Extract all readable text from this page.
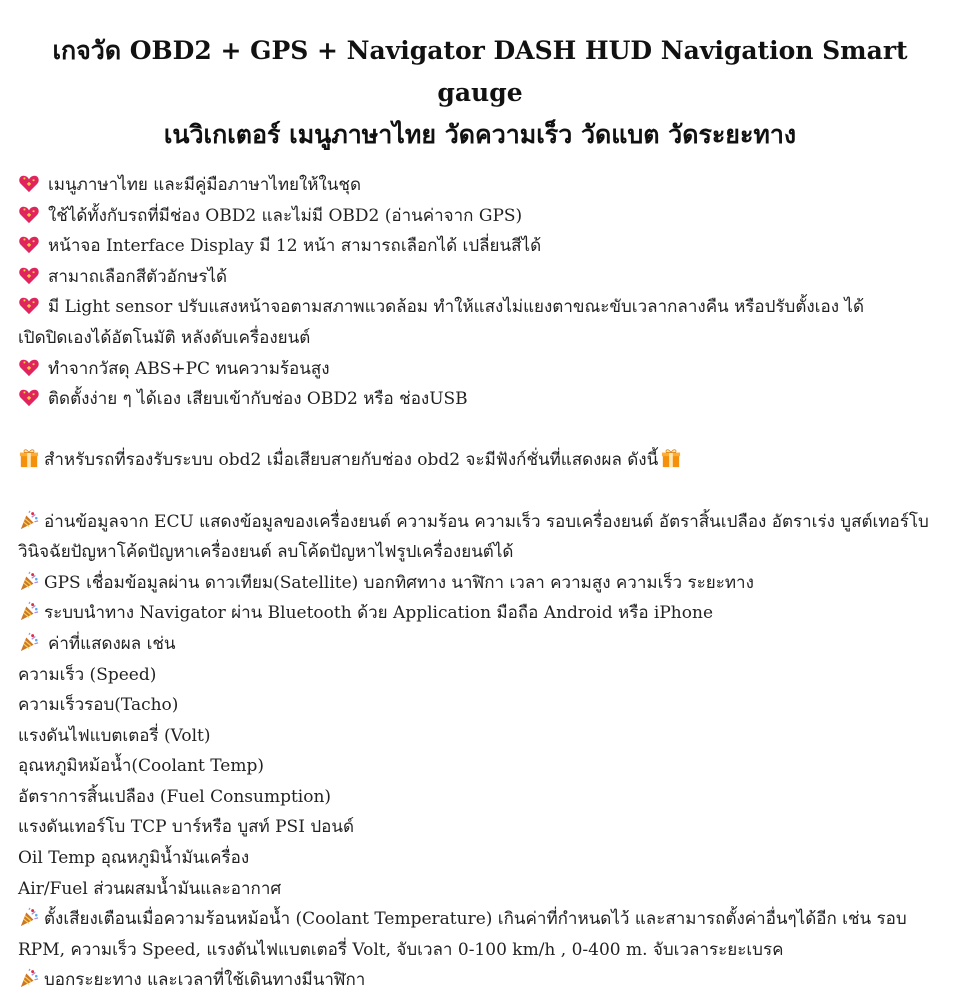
เกจวัด OBD2 + GPS + Navigator DASH HUD Navigation Smart gauge
เนวิเกเตอร์ เมนูภาษาไทย วัดความเร็ว วัดแบต วัดระยะทาง
เมนูภาษาไทย และมีคู่มือภาษาไทยให้ในชุด
ใช้ได้ทั้งกับรถที่มีช่อง OBD2 และไม่มี OBD2 (อ่านค่าจาก GPS)
หน้าจอ Interface Display มี 12 หน้า สามารถเลือกได้ เปลี่ยนสีได้
สามาถเลือกสีตัวอักษรได้
มี Light sensor ปรับแสงหน้าจอตามสภาพแวดล้อม ทำให้แสงไม่แยงตาขณะขับเวลากลางคืน หรือปรับตั้งเอง ได้
เปิดปิดเองได้อัตโนมัติ หลังดับเครื่องยนต์
ทำจากวัสดุ ABS+PC ทนความร้อนสูง
ติดตั้งง่าย ๆ ได้เอง เสียบเข้ากับช่อง OBD2 หรือ ช่องUSB
สำหรับรถที่รองรับระบบ obd2 เมื่อเสียบสายกับช่อง obd2 จะมีฟังก์ชั่นที่แสดงผล ดังนี้
อ่านข้อมูลจาก ECU แสดงข้อมูลของเครื่องยนต์ ความร้อน ความเร็ว รอบเครื่องยนต์ อัตราสิ้นเปลือง อัตราเร่ง บูสต์เทอร์โบ วินิจฉัยปัญหาโค้ดปัญหาเครื่องยนต์ ลบโค้ดปัญหาไฟรูปเครื่องยนต์ได้
GPS เชื่อมข้อมูลผ่าน ดาวเทียม(Satellite) บอกทิศทาง นาฬิกา เวลา ความสูง ความเร็ว ระยะทาง
ระบบนำทาง Navigator ผ่าน Bluetooth ด้วย Application มือถือ Android หรือ iPhone
ค่าที่แสดงผล เช่น
ความเร็ว (Speed)
ความเร็วรอบ(Tacho)
แรงดันไฟแบตเตอรี่ (Volt)
อุณหภูมิหม้อน้ำ(Coolant Temp)
อัตราการสิ้นเปลือง (Fuel Consumption)
แรงดันเทอร์โบ TCP บาร์หรือ บูสท์ PSI ปอนด์
Oil Temp อุณหภูมิน้ำมันเครื่อง
Air/Fuel ส่วนผสมน้ำมันและอากาศ
ตั้งเสียงเตือนเมื่อความร้อนหม้อน้ำ (Coolant Temperature) เกินค่าที่กำหนดไว้ และสามารถตั้งค่าอื่นๆได้อีก เช่น รอบ RPM, ความเร็ว Speed, แรงดันไฟแบตเตอรี่ Volt, จับเวลา 0-100 km/h , 0-400 m. จับเวลาระยะเบรค
บอกระยะทาง และเวลาที่ใช้เดินทางมีนาฬิกา
